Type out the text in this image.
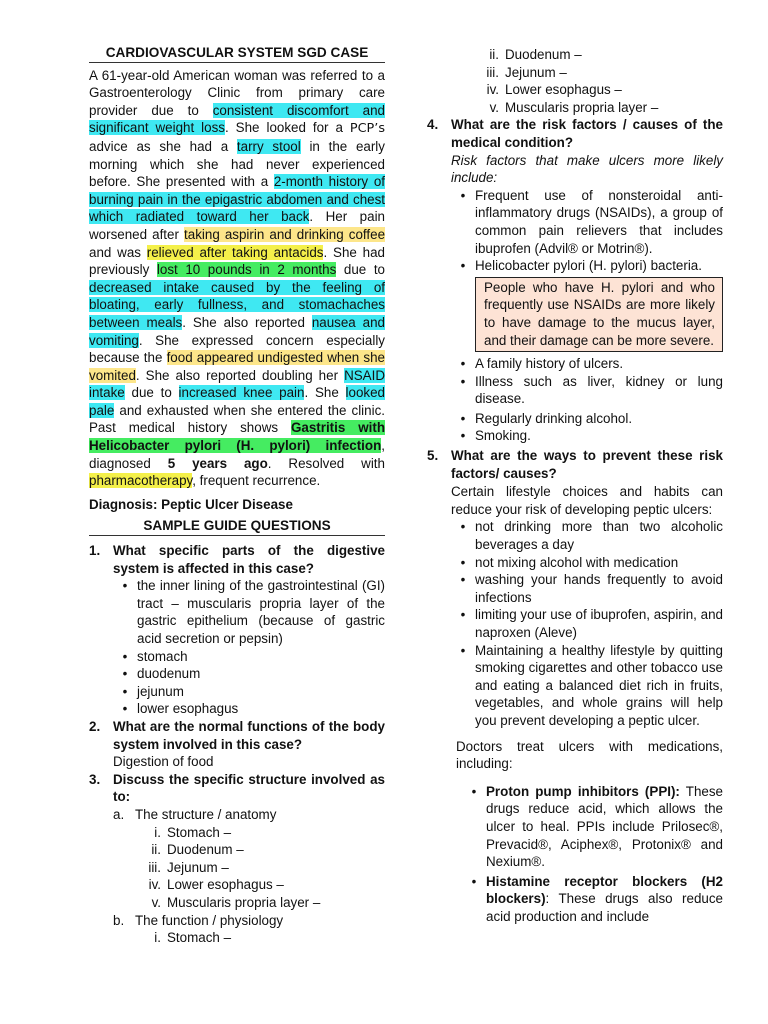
CARDIOVASCULAR SYSTEM SGD CASE
A 61-year-old American woman was referred to a Gastroenterology Clinic from primary care provider due to consistent discomfort and significant weight loss. She looked for a PCP’s advice as she had a tarry stool in the early morning which she had never experienced before. She presented with a 2-month history of burning pain in the epigastric abdomen and chest which radiated toward her back. Her pain worsened after taking aspirin and drinking coffee and was relieved after taking antacids. She had previously lost 10 pounds in 2 months due to decreased intake caused by the feeling of bloating, early fullness, and stomachaches between meals. She also reported nausea and vomiting. She expressed concern especially because the food appeared undigested when she vomited. She also reported doubling her NSAID intake due to increased knee pain. She looked pale and exhausted when she entered the clinic. Past medical history shows Gastritis with Helicobacter pylori (H. pylori) infection, diagnosed 5 years ago. Resolved with pharmacotherapy, frequent recurrence.
Diagnosis: Peptic Ulcer Disease
SAMPLE GUIDE QUESTIONS
1. What specific parts of the digestive system is affected in this case?
• the inner lining of the gastrointestinal (GI) tract – muscularis propria layer of the gastric epithelium (because of gastric acid secretion or pepsin)
• stomach
• duodenum
• jejunum
• lower esophagus
2. What are the normal functions of the body system involved in this case?
Digestion of food
3. Discuss the specific structure involved as to:
a. The structure / anatomy
i. Stomach –
ii. Duodenum –
iii. Jejunum –
iv. Lower esophagus –
v. Muscularis propria layer –
b. The function / physiology
i. Stomach –
ii. Duodenum –
iii. Jejunum –
iv. Lower esophagus –
v. Muscularis propria layer –
4. What are the risk factors / causes of the medical condition?
Risk factors that make ulcers more likely include:
• Frequent use of nonsteroidal anti-inflammatory drugs (NSAIDs), a group of common pain relievers that includes ibuprofen (Advil® or Motrin®).
• Helicobacter pylori (H. pylori) bacteria.
People who have H. pylori and who frequently use NSAIDs are more likely to have damage to the mucus layer, and their damage can be more severe.
• A family history of ulcers.
• Illness such as liver, kidney or lung disease.
• Regularly drinking alcohol.
• Smoking.
5. What are the ways to prevent these risk factors/ causes?
Certain lifestyle choices and habits can reduce your risk of developing peptic ulcers:
• not drinking more than two alcoholic beverages a day
• not mixing alcohol with medication
• washing your hands frequently to avoid infections
• limiting your use of ibuprofen, aspirin, and naproxen (Aleve)
• Maintaining a healthy lifestyle by quitting smoking cigarettes and other tobacco use and eating a balanced diet rich in fruits, vegetables, and whole grains will help you prevent developing a peptic ulcer.
Doctors treat ulcers with medications, including:
• Proton pump inhibitors (PPI): These drugs reduce acid, which allows the ulcer to heal. PPIs include Prilosec®, Prevacid®, Aciphex®, Protonix® and Nexium®.
• Histamine receptor blockers (H2 blockers): These drugs also reduce acid production and include
